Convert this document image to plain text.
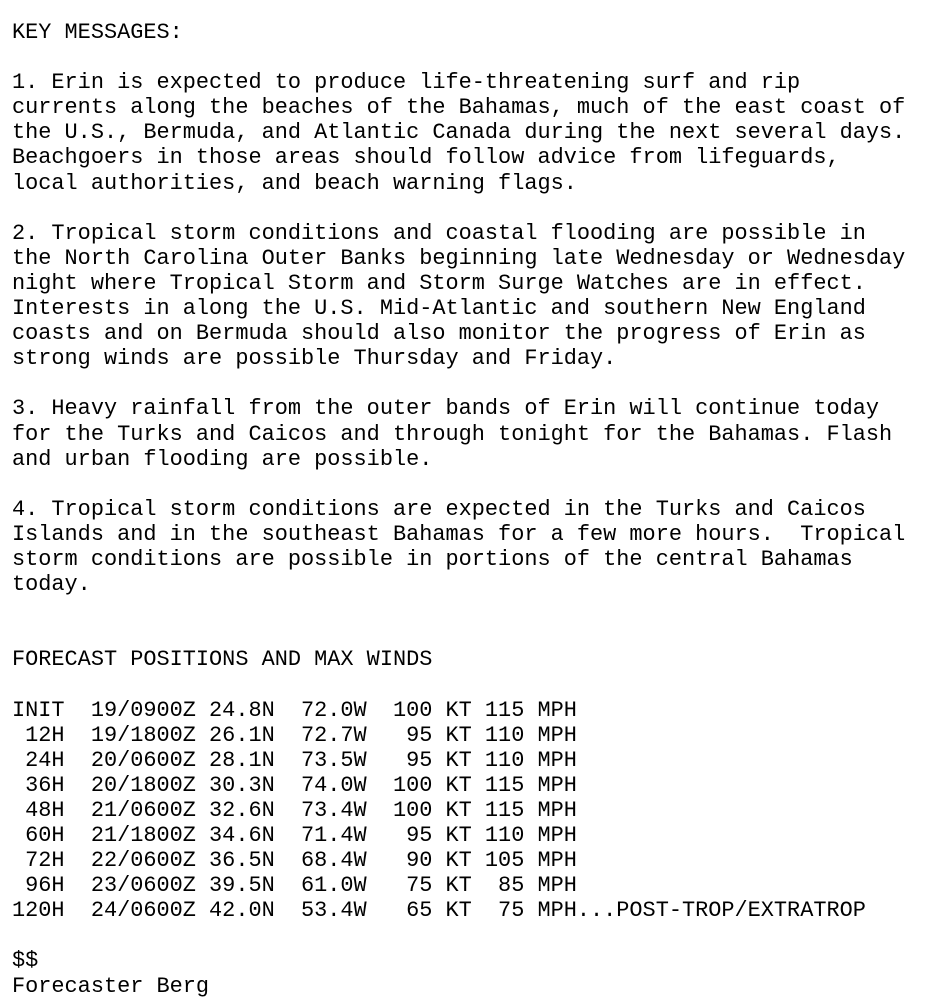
KEY MESSAGES:

1. Erin is expected to produce life-threatening surf and rip
currents along the beaches of the Bahamas, much of the east coast of
the U.S., Bermuda, and Atlantic Canada during the next several days.
Beachgoers in those areas should follow advice from lifeguards,
local authorities, and beach warning flags.

2. Tropical storm conditions and coastal flooding are possible in
the North Carolina Outer Banks beginning late Wednesday or Wednesday
night where Tropical Storm and Storm Surge Watches are in effect.
Interests in along the U.S. Mid-Atlantic and southern New England
coasts and on Bermuda should also monitor the progress of Erin as
strong winds are possible Thursday and Friday.

3. Heavy rainfall from the outer bands of Erin will continue today
for the Turks and Caicos and through tonight for the Bahamas. Flash
and urban flooding are possible.

4. Tropical storm conditions are expected in the Turks and Caicos
Islands and in the southeast Bahamas for a few more hours.  Tropical
storm conditions are possible in portions of the central Bahamas
today.

FORECAST POSITIONS AND MAX WINDS

INIT  19/0900Z 24.8N  72.0W  100 KT 115 MPH
12H  19/1800Z 26.1N  72.7W   95 KT 110 MPH
24H  20/0600Z 28.1N  73.5W   95 KT 110 MPH
36H  20/1800Z 30.3N  74.0W  100 KT 115 MPH
48H  21/0600Z 32.6N  73.4W  100 KT 115 MPH
60H  21/1800Z 34.6N  71.4W   95 KT 110 MPH
72H  22/0600Z 36.5N  68.4W   90 KT 105 MPH
96H  23/0600Z 39.5N  61.0W   75 KT  85 MPH
120H  24/0600Z 42.0N  53.4W   65 KT  75 MPH...POST-TROP/EXTRATROP

$$
Forecaster Berg
